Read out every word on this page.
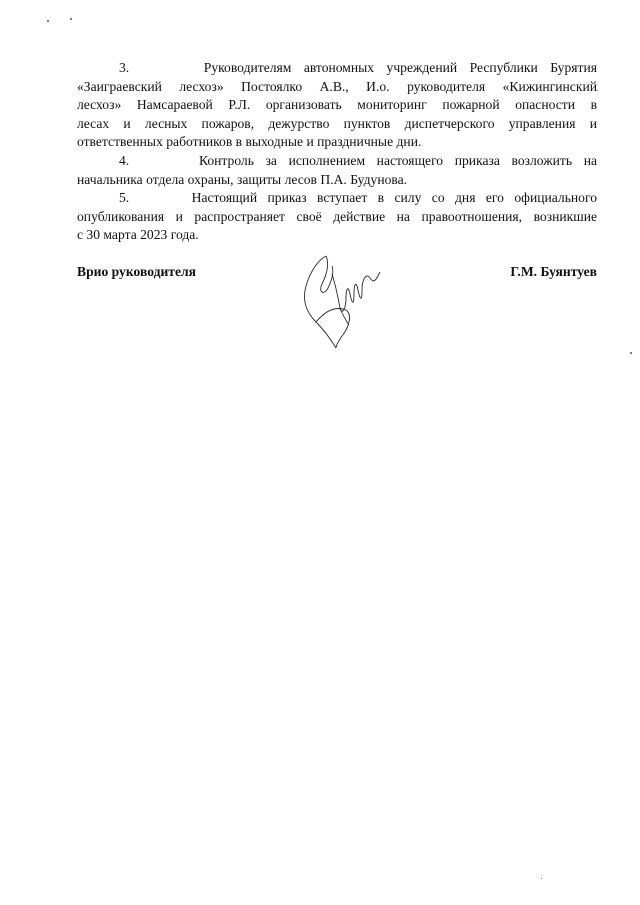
3.	Руководителям автономных учреждений Республики Бурятия
«Заиграевский лесхоз» Постоялко А.В., И.о. руководителя «Кижингинский
лесхоз» Намсараевой Р.Л. организовать мониторинг пожарной опасности в
лесах и лесных пожаров, дежурство пунктов диспетчерского управления и
ответственных работников в выходные и праздничные дни.
4.	Контроль за исполнением настоящего приказа возложить на
начальника отдела охраны, защиты лесов П.А. Будунова.
5.	Настоящий приказ вступает в силу со дня его официального
опубликования и распространяет своё действие на правоотношения, возникшие
с 30 марта 2023 года.
Врио руководителя	Г.М. Буянтуев
